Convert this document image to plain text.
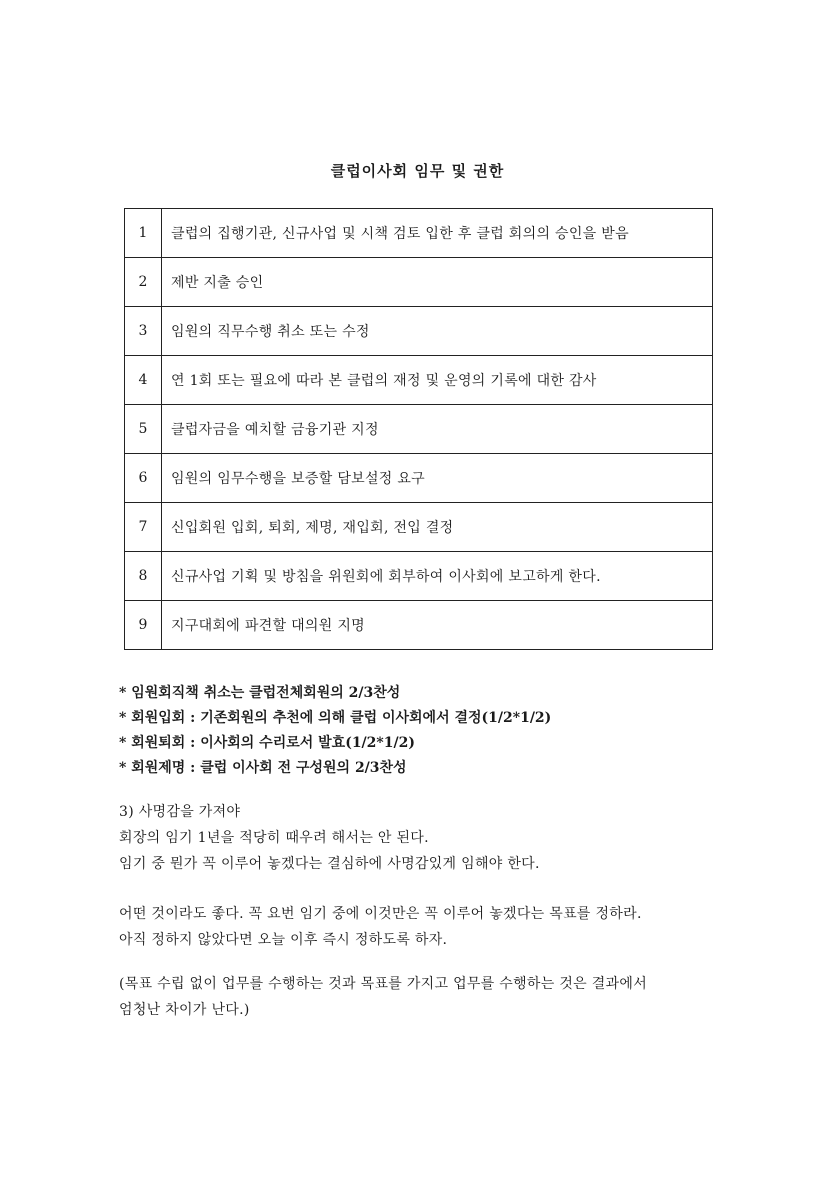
클럽이사회 임무 및 권한
1	클럽의 집행기관, 신규사업 및 시책 검토 입한 후 클럽 회의의 승인을 받음
2	제반 지출 승인
3	임원의 직무수행 취소 또는 수정
4	연 1회 또는 필요에 따라 본 클럽의 재정 및 운영의 기록에 대한 감사
5	클럽자금을 예치할 금융기관 지정
6	임원의 임무수행을 보증할 담보설정 요구
7	신입회원 입회, 퇴회, 제명, 재입회, 전입 결정
8	신규사업 기획 및 방침을 위원회에 회부하여 이사회에 보고하게 한다.
9	지구대회에 파견할 대의원 지명
* 임원회직책 취소는 클럽전체회원의 2/3찬성
* 회원입회 : 기존회원의 추천에 의해 클럽 이사회에서 결정(1/2*1/2)
* 회원퇴회 : 이사회의 수리로서 발효(1/2*1/2)
* 회원제명 : 클럽 이사회 전 구성원의 2/3찬성
3) 사명감을 가져야
회장의 임기 1년을 적당히 때우려 해서는 안 된다.
임기 중 뭔가 꼭 이루어 놓겠다는 결심하에 사명감있게 임해야 한다.
어떤 것이라도 좋다. 꼭 요번 임기 중에 이것만은 꼭 이루어 놓겠다는 목표를 정하라.
아직 정하지 않았다면 오늘 이후 즉시 정하도록 하자.
(목표 수립 없이 업무를 수행하는 것과 목표를 가지고 업무를 수행하는 것은 결과에서
엄청난 차이가 난다.)
